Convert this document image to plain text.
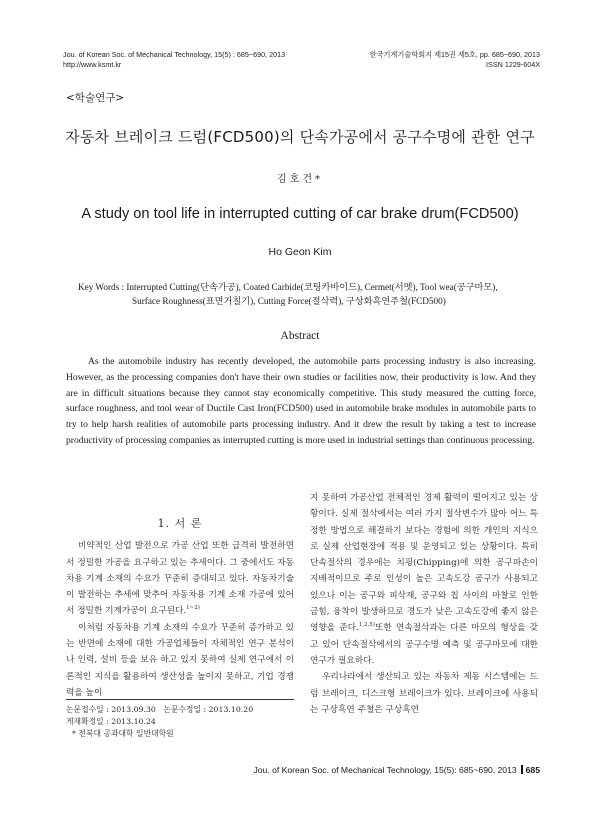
Jou. of Korean Soc. of Mechanical Technology, 15(5) : 685~690, 2013
http://www.ksmt.kr
한국기계기술학회지 제15권 제5호, pp. 685~690, 2013
ISSN 1229-604X
<학술연구>
자동차 브레이크 드럼(FCD500)의 단속가공에서 공구수명에 관한 연구
김호건*
A study on tool life in interrupted cutting of car brake drum(FCD500)
Ho Geon Kim
Key Words : Interrupted Cutting(단속가공), Coated Carbide(코팅카바이드), Cermet(서멧), Tool wea(공구마모),
Surface Roughness(표면거칠기), Cutting Force(절삭력), 구상화흑연주철(FCD500)
Abstract
As the automobile industry has recently developed, the automobile parts processing industry is also increasing. However, as the processing companies don't have their own studies or facilities now, their productivity is low. And they are in difficult situations because they cannot stay economically competitive. This study measured the cutting force, surface roughness, and tool wear of Ductile Cast Iron(FCD500) used in automobile brake modules in automobile parts to try to help harsh realities of automobile parts processing industry. And it drew the result by taking a test to increase productivity of processing companies as interrupted cutting is more used in industrial settings than continuous processing.

1. 서 론

비약적인 산업 발전으로 가공 산업 또한 급격히 발전하면서 정밀한 가공을 요구하고 있는 추세이다. 그 중에서도 자동차용 기계 소재의 수요가 꾸준히 증대되고 있다. 자동차기술이 발전하는 추세에 맞추어 자동차용 기계 소재 가공에 있어서 정밀한 기계가공이 요구된다.$^{1\sim 2)}$

이처럼 자동차용 기계 소재의 수요가 꾸준히 증가하고 있는 반면에 소재에 대한 가공업체들이 자체적인 연구 분석이나 인력, 설비 등을 보유 하고 있지 못하여 실제 연구에서 이론적인 지식을 활용하여 생산성을 높이지 못하고, 기업 경쟁력을 높이

지 못하여 가공산업 전체적인 경제 활력이 떨어지고 있는 상황이다. 실제 절삭에서는 여러 가지 절삭변수가 많아 어느 특정한 방법으로 해결하기 보다는 경험에 의한 개인의 지식으로 실제 산업현장에 적용 및 운영되고 있는 상황이다. 특히 단속절삭의 경우에는 치핑(Chipping)에 의한 공구파손이 지배적이므로 주로 인성이 높은 고속도강 공구가 사용되고 있으나 이는 공구와 피삭재, 공구와 칩 사이의 마찰로 인한 금힘, 융착이 발생하므로 경도가 낮은 고속도강에 좋지 않은 영향을 준다.$^{1,2,5)}$또한 연속절삭과는 다른 마모의 형상을 갖고 있어 단속절삭에서의 공구수명 예측 및 공구마모에 대한 연구가 필요하다.

우리나라에서 생산되고 있는 자동차 제동 시스템에는 드럼 브레이크, 디스크형 브레이크가 있다. 브레이크에 사용되는 구상흑연 주철은 구상흑연

논문접수일 : 2013.09.30 논문수정일 : 2013.10.20
게재확정일 : 2013.10.24
* 전북대 공과대학 일반대학원
Jou. of Korean Soc. of Mechanical Technology, 15(5): 685~690, 2013 685
